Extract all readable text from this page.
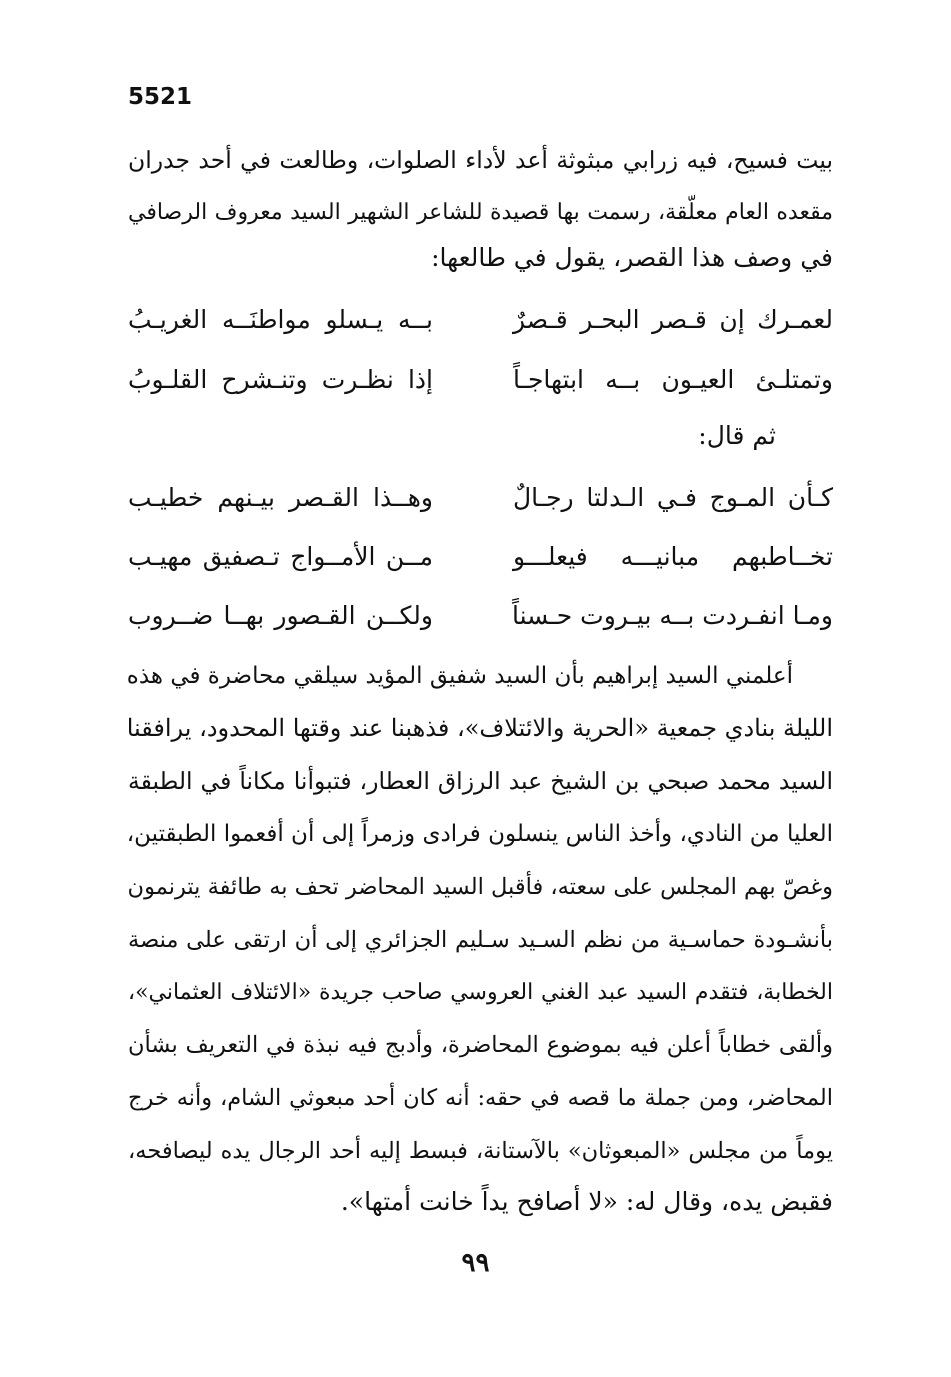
5521

بيت فسيح، فيه زرابي مبثوثة أعد لأداء الصلوات، وطالعت في أحد جدران

مقعده العام معلّقة، رسمت بها قصيدة للشاعر الشهير السيد معروف الرصافي

في وصف هذا القصر، يقول في طالعها:

لعمـرك إن قـصر البحـر قـصرٌ
بــه يـسلو مواطنَــه الغريـبُ
وتمتلـئ العيـون بــه ابتهاجـاً
إذا نظـرت وتنـشرح القلـوبُ
ثم قال:
كـأن المـوج فـي الـدلتا رجـالٌ
وهــذا القـصر بيـنهم خطيـب
تخــاطبهم مبانيـــه فيعلـــو
مــن الأمــواج تـصفيق مهيـب
ومـا انفـردت بــه بيـروت حـسناً
ولكــن القـصور بهــا ضــروب

أعلمني السيد إبراهيم بأن السيد شفيق المؤيد سيلقي محاضرة في هذه

الليلة بنادي جمعية «الحرية والائتلاف»، فذهبنا عند وقتها المحدود، يرافقنا

السيد محمد صبحي بن الشيخ عبد الرزاق العطار، فتبوأنا مكاناً في الطبقة

العليا من النادي، وأخذ الناس ينسلون فرادى وزمراً إلى أن أفعموا الطبقتين،

وغصّ بهم المجلس على سعته، فأقبل السيد المحاضر تحف به طائفة يترنمون

بأنشـودة حماسـية من نظم السـيد سـليم الجزائري إلى أن ارتقى على منصة

الخطابة، فتقدم السيد عبد الغني العروسي صاحب جريدة «الائتلاف العثماني»،

وألقى خطاباً أعلن فيه بموضوع المحاضرة، وأدبج فيه نبذة في التعريف بشأن

المحاضر، ومن جملة ما قصه في حقه: أنه كان أحد مبعوثي الشام، وأنه خرج

يوماً من مجلس «المبعوثان» بالآستانة، فبسط إليه أحد الرجال يده ليصافحه،

فقبض يده، وقال له: «لا أصافح يداً خانت أمتها».

٩٩
